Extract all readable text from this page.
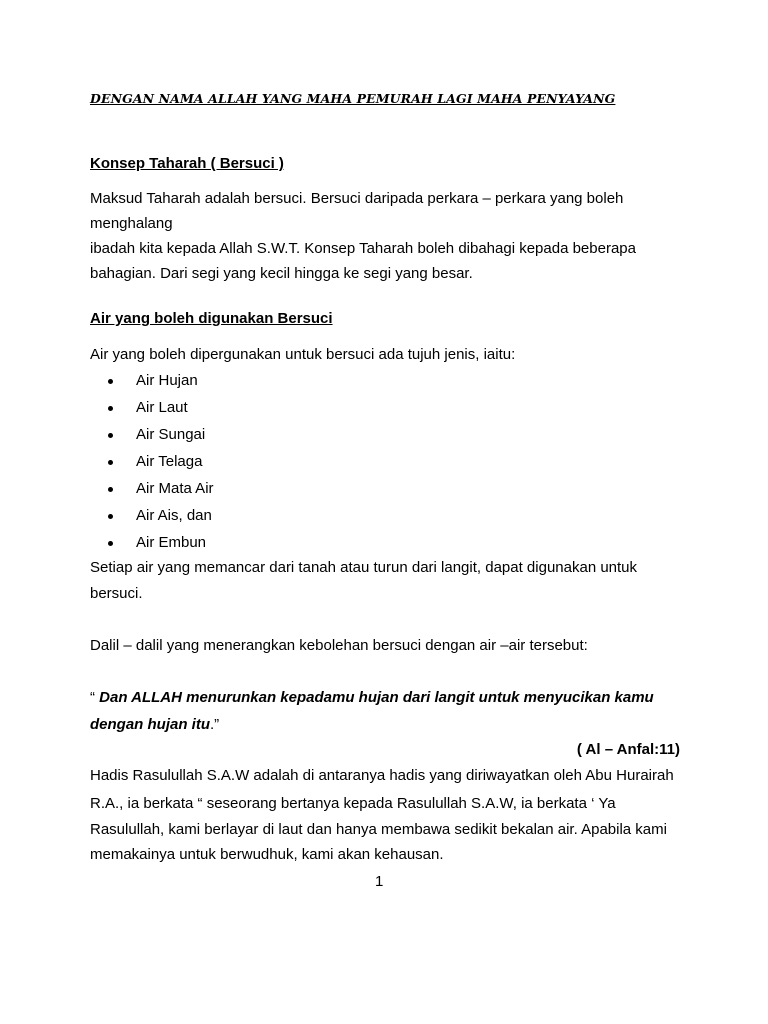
DENGAN NAMA ALLAH YANG MAHA PEMURAH LAGI MAHA PENYAYANG
Konsep Taharah ( Bersuci )
Maksud Taharah adalah bersuci. Bersuci daripada perkara – perkara yang boleh
menghalang
ibadah kita kepada Allah S.W.T. Konsep Taharah boleh dibahagi kepada beberapa
bahagian. Dari segi yang kecil hingga ke segi yang besar.
Air yang boleh digunakan Bersuci
Air yang boleh dipergunakan untuk bersuci ada tujuh jenis, iaitu:
Air Hujan
Air Laut
Air Sungai
Air Telaga
Air Mata Air
Air Ais, dan
Air Embun
Setiap air yang memancar dari tanah atau turun dari langit, dapat digunakan untuk
bersuci.
Dalil – dalil yang menerangkan kebolehan bersuci dengan air –air tersebut:
“ Dan ALLAH menurunkan kepadamu hujan dari langit untuk menyucikan kamu
dengan hujan itu.”
( Al – Anfal:11)
Hadis Rasulullah S.A.W adalah di antaranya hadis yang diriwayatkan oleh Abu Hurairah
R.A., ia berkata “ seseorang bertanya kepada Rasulullah S.A.W, ia berkata ‘ Ya
Rasulullah, kami berlayar di laut dan hanya membawa sedikit bekalan air. Apabila kami
memakainya untuk berwudhuk, kami akan kehausan.
1
